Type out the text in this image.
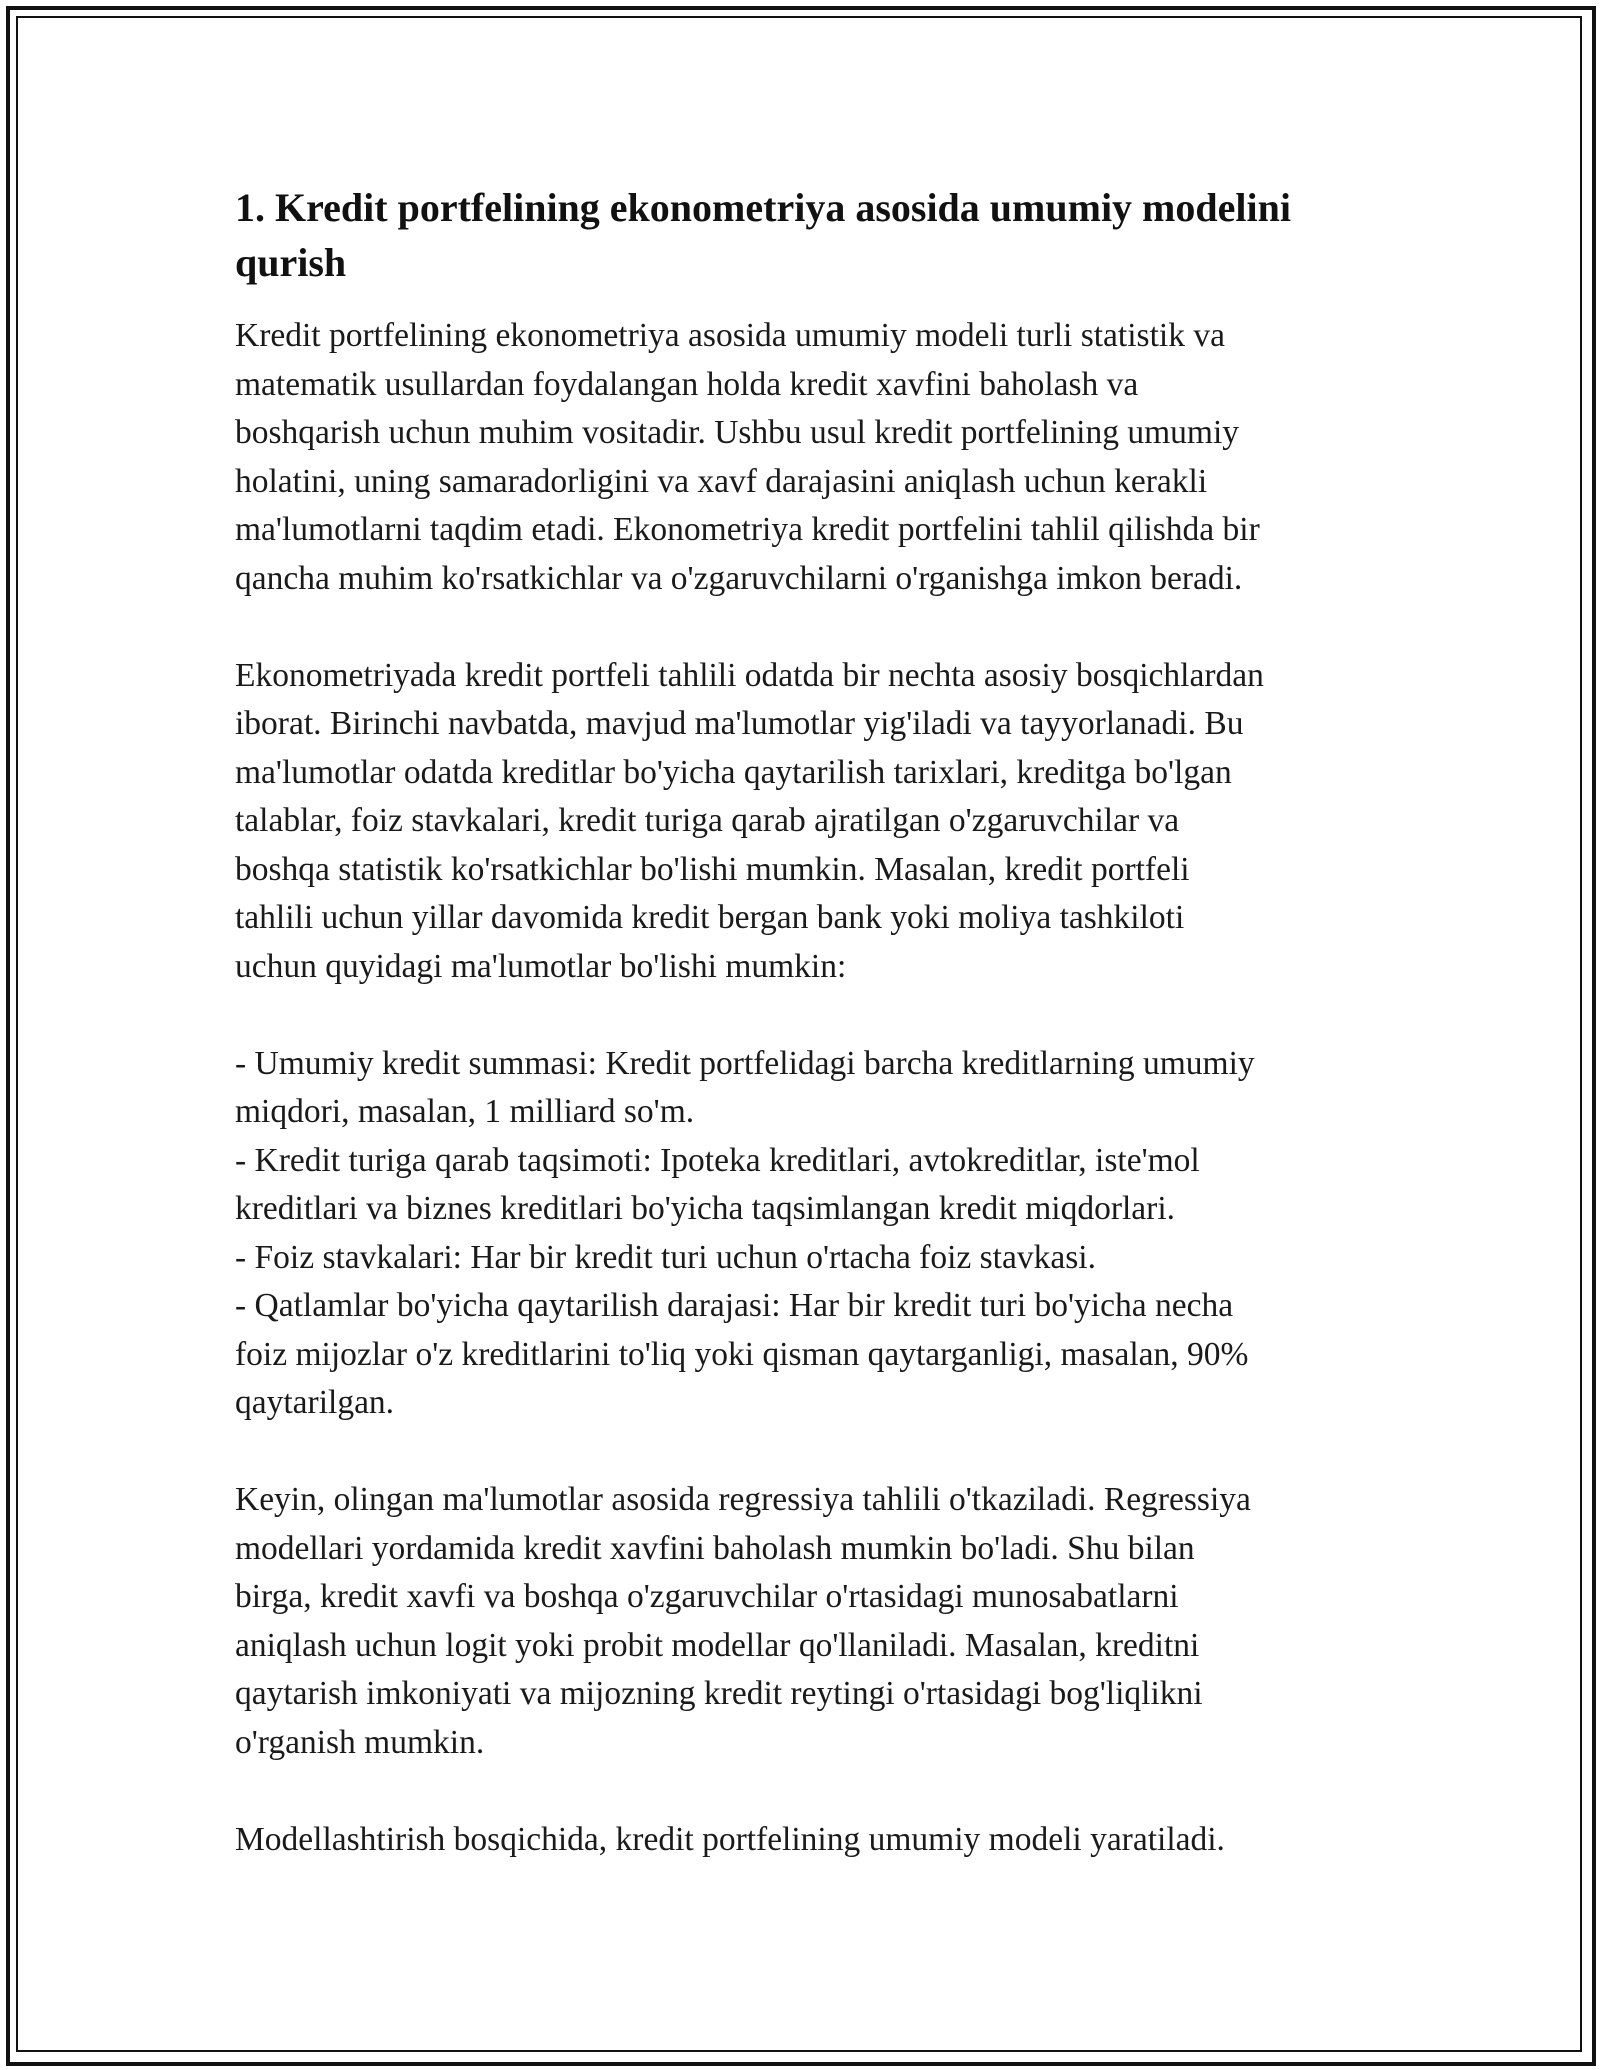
1. Kredit portfelining ekonometriya asosida umumiy modelini
qurish

Kredit portfelining ekonometriya asosida umumiy modeli turli statistik va
matematik usullardan foydalangan holda kredit xavfini baholash va
boshqarish uchun muhim vositadir. Ushbu usul kredit portfelining umumiy
holatini, uning samaradorligini va xavf darajasini aniqlash uchun kerakli
ma'lumotlarni taqdim etadi. Ekonometriya kredit portfelini tahlil qilishda bir
qancha muhim ko'rsatkichlar va o'zgaruvchilarni o'rganishga imkon beradi.

Ekonometriyada kredit portfeli tahlili odatda bir nechta asosiy bosqichlardan
iborat. Birinchi navbatda, mavjud ma'lumotlar yig'iladi va tayyorlanadi. Bu
ma'lumotlar odatda kreditlar bo'yicha qaytarilish tarixlari, kreditga bo'lgan
talablar, foiz stavkalari, kredit turiga qarab ajratilgan o'zgaruvchilar va
boshqa statistik ko'rsatkichlar bo'lishi mumkin. Masalan, kredit portfeli
tahlili uchun yillar davomida kredit bergan bank yoki moliya tashkiloti
uchun quyidagi ma'lumotlar bo'lishi mumkin:

- Umumiy kredit summasi: Kredit portfelidagi barcha kreditlarning umumiy
miqdori, masalan, 1 milliard so'm.
- Kredit turiga qarab taqsimoti: Ipoteka kreditlari, avtokreditlar, iste'mol
kreditlari va biznes kreditlari bo'yicha taqsimlangan kredit miqdorlari.
- Foiz stavkalari: Har bir kredit turi uchun o'rtacha foiz stavkasi.
- Qatlamlar bo'yicha qaytarilish darajasi: Har bir kredit turi bo'yicha necha
foiz mijozlar o'z kreditlarini to'liq yoki qisman qaytarganligi, masalan, 90%
qaytarilgan.

Keyin, olingan ma'lumotlar asosida regressiya tahlili o'tkaziladi. Regressiya
modellari yordamida kredit xavfini baholash mumkin bo'ladi. Shu bilan
birga, kredit xavfi va boshqa o'zgaruvchilar o'rtasidagi munosabatlarni
aniqlash uchun logit yoki probit modellar qo'llaniladi. Masalan, kreditni
qaytarish imkoniyati va mijozning kredit reytingi o'rtasidagi bog'liqlikni
o'rganish mumkin.

Modellashtirish bosqichida, kredit portfelining umumiy modeli yaratiladi.
